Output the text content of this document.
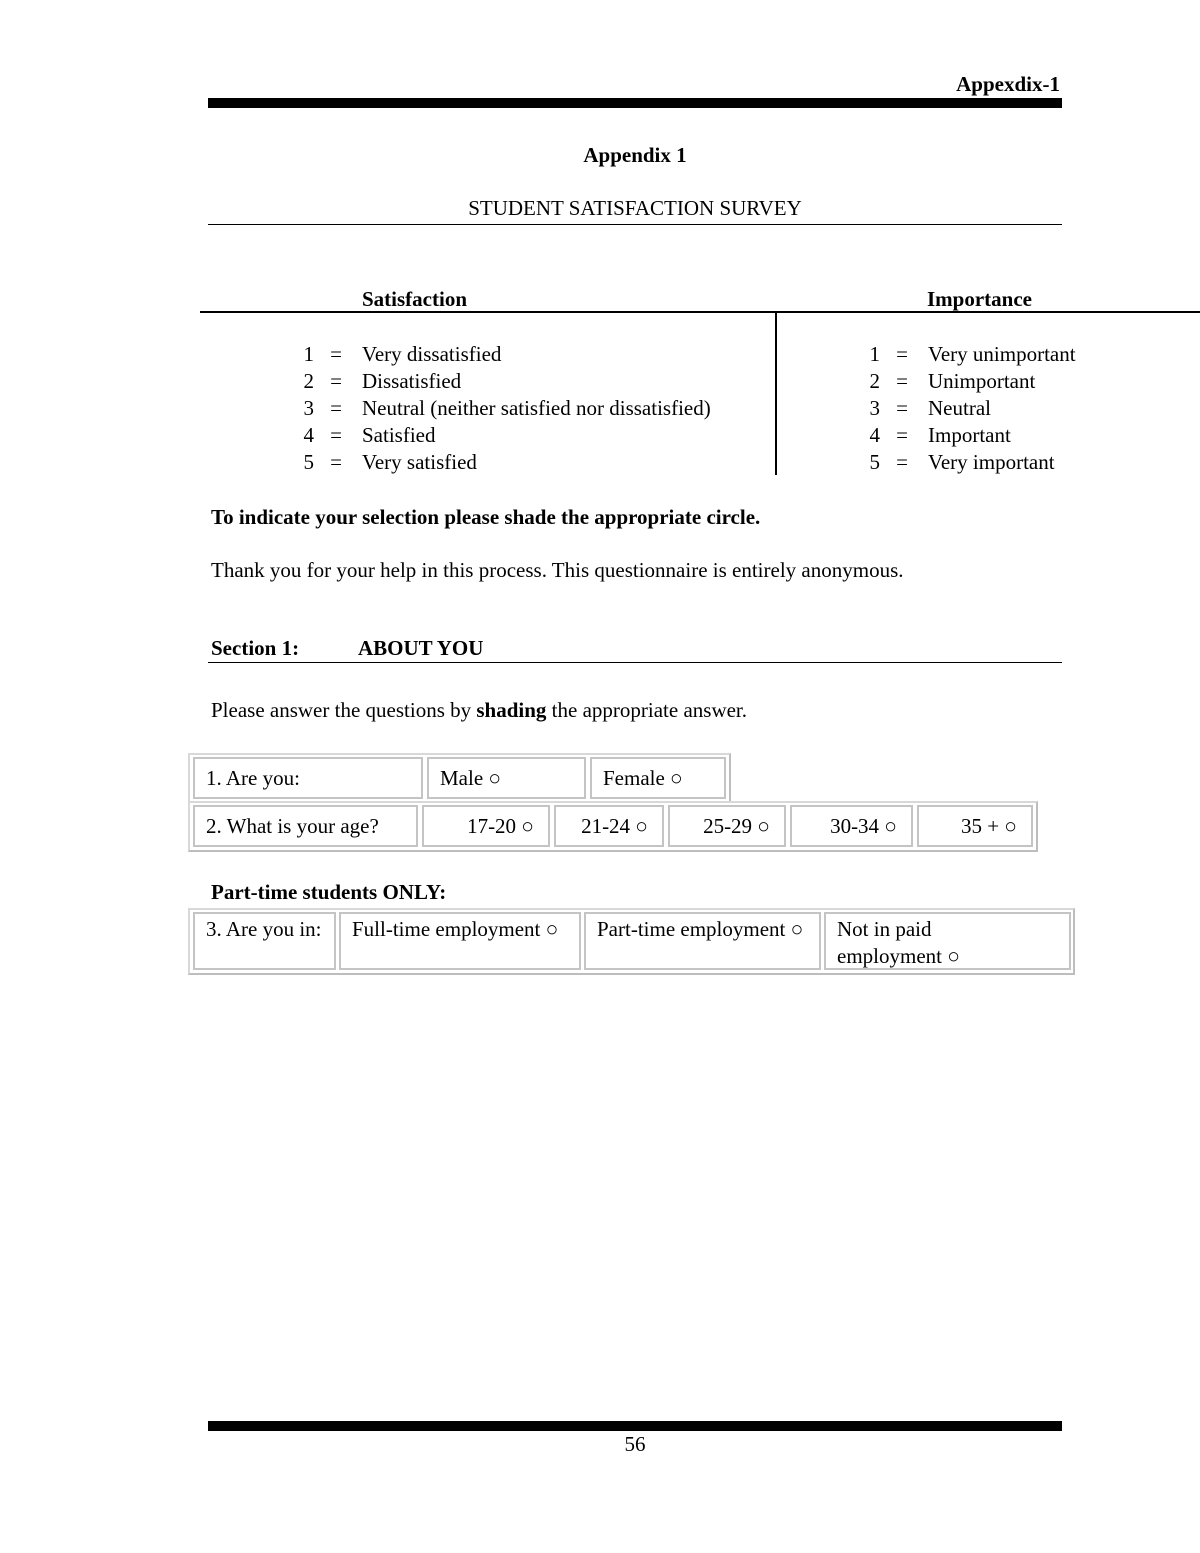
Appexdix-1
Appendix 1
STUDENT SATISFACTION SURVEY
Satisfaction	Importance
1 = Very dissatisfied
2 = Dissatisfied
3 = Neutral (neither satisfied nor dissatisfied)
4 = Satisfied
5 = Very satisfied
1 = Very unimportant
2 = Unimportant
3 = Neutral
4 = Important
5 = Very important
To indicate your selection please shade the appropriate circle.
Thank you for your help in this process. This questionnaire is entirely anonymous.
Section 1:	ABOUT YOU
Please answer the questions by shading the appropriate answer.
1. Are you:	Male ○	Female ○
2. What is your age?	17-20 ○	21-24 ○	25-29 ○	30-34 ○	35 + ○
Part-time students ONLY:
3. Are you in:	Full-time employment ○	Part-time employment ○	Not in paid employment ○
56
